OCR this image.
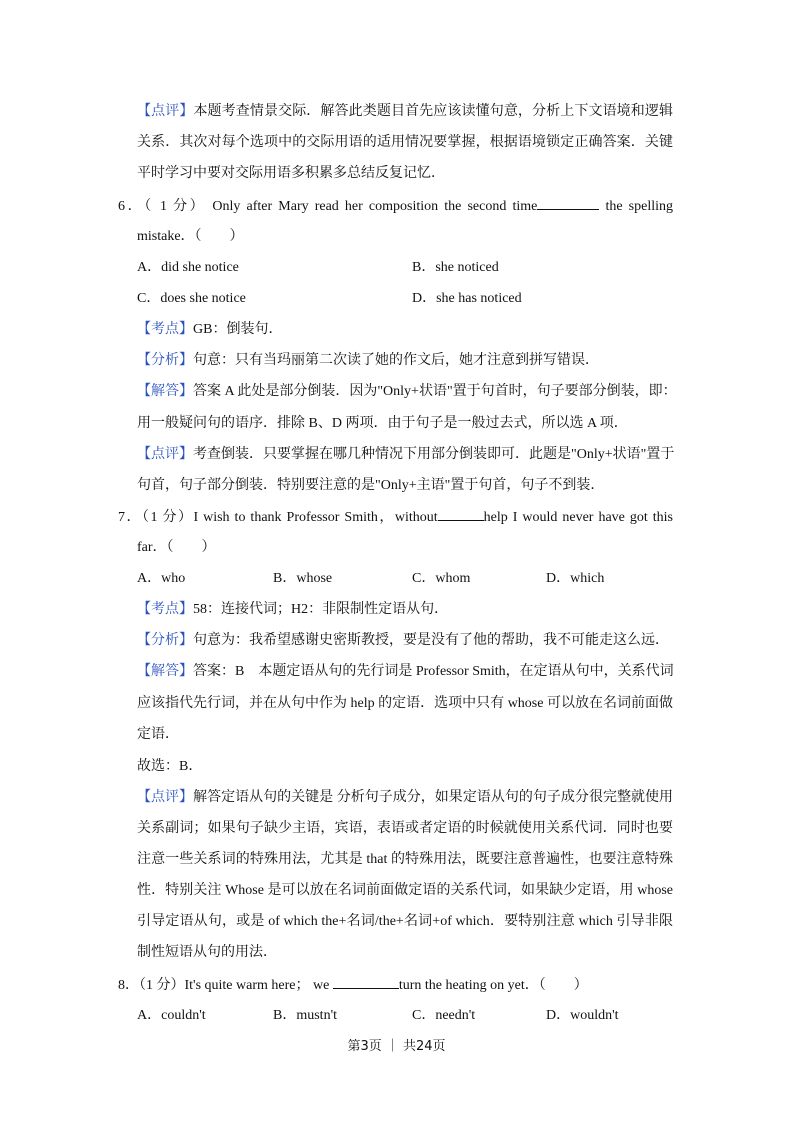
【点评】本题考查情景交际．解答此类题目首先应该读懂句意，分析上下文语境和逻辑
关系．其次对每个选项中的交际用语的适用情况要掌握，根据语境锁定正确答案．关键
平时学习中要对交际用语多积累多总结反复记忆．
6．（ 1 分） Only after Mary read her composition the second time	the spelling
mistake．（　　）
A．did she notice	B．she noticed
C．does she notice	D．she has noticed
【考点】GB：倒装句．
【分析】句意：只有当玛丽第二次读了她的作文后，她才注意到拼写错误．
【解答】答案 A 此处是部分倒装．因为"Only+状语"置于句首时，句子要部分倒装，即：
用一般疑问句的语序．排除 B、D 两项．由于句子是一般过去式，所以选 A 项．
【点评】考查倒装．只要掌握在哪几种情况下用部分倒装即可．此题是"Only+状语"置于
句首，句子部分倒装．特别要注意的是"Only+主语"置于句首，句子不到装．
7．（1 分）I wish to thank Professor Smith，without	help I would never have got this
far．（　　）
A．who	B．whose	C．whom	D．which
【考点】58：连接代词；H2：非限制性定语从句．
【分析】句意为：我希望感谢史密斯教授，要是没有了他的帮助，我不可能走这么远．
【解答】答案：B　本题定语从句的先行词是 Professor Smith，在定语从句中，关系代词
应该指代先行词，并在从句中作为 help 的定语．选项中只有 whose 可以放在名词前面做
定语．
故选：B．
【点评】解答定语从句的关键是 分析句子成分，如果定语从句的句子成分很完整就使用
关系副词；如果句子缺少主语，宾语，表语或者定语的时候就使用关系代词．同时也要
注意一些关系词的特殊用法，尤其是 that 的特殊用法，既要注意普遍性，也要注意特殊
性．特别关注 Whose 是可以放在名词前面做定语的关系代词，如果缺少定语，用 whose
引导定语从句，或是 of which the+名词/the+名词+of which．要特别注意 which 引导非限
制性短语从句的用法．
8．（1 分）It's quite warm here； we	turn the heating on yet．（　　）
A．couldn't	B．mustn't	C．needn't	D．wouldn't
第3页 ｜ 共24页
